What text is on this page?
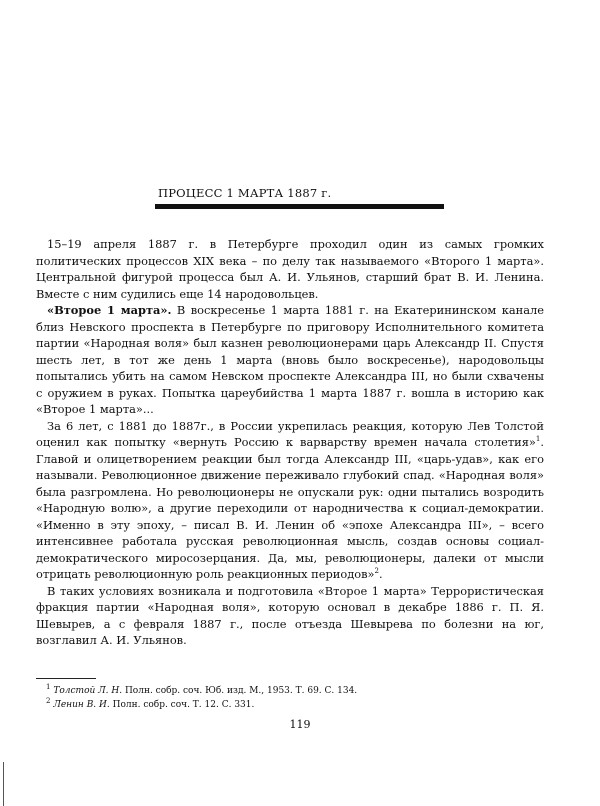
ПРОЦЕСС 1 МАРТА 1887 г.

15–19 апреля 1887 г. в Петербурге проходил один из самых громких политических процессов XIX века – по делу так называемого «Второго 1 марта». Центральной фигурой процесса был А. И. Ульянов, старший брат В. И. Ленина. Вместе с ним судились еще 14 народовольцев.

«Второе 1 марта». В воскресенье 1 марта 1881 г. на Екатерининском канале близ Невского проспекта в Петербурге по приговору Исполнительного комитета партии «Народная воля» был казнен революционерами царь Александр II. Спустя шесть лет, в тот же день 1 марта (вновь было воскресенье), народовольцы попытались убить на самом Невском проспекте Александра III, но были схвачены с оружием в руках. Попытка цареубийства 1 марта 1887 г. вошла в историю как «Второе 1 марта»...

За 6 лет, с 1881 до 1887г., в России укрепилась реакция, которую Лев Толстой оценил как попытку «вернуть Россию к варварству времен начала столетия»$^1$. Главой и олицетворением реакции был тогда Александр III, «царь-удав», как его называли. Революционное движение переживало глубокий спад. «Народная воля» была разгромлена. Но революционеры не опускали рук: одни пытались возродить «Народную волю», а другие переходили от народничества к социал-демократии. «Именно в эту эпоху, – писал В. И. Ленин об «эпохе Александра III», – всего интенсивнее работала русская революционная мысль, создав основы социал-демократического миросозерцания. Да, мы, революционеры, далеки от мысли отрицать революционную роль реакционных периодов»$^2$.

В таких условиях возникала и подготовила «Второе 1 марта» Террористическая фракция партии «Народная воля», которую основал в декабре 1886 г. П. Я. Шевырев, а с февраля 1887 г., после отъезда Шевырева по болезни на юг, возглавил А. И. Ульянов.

$^1$ Толстой Л. Н. Полн. собр. соч. Юб. изд. М., 1953. Т. 69. С. 134.
$^2$ Ленин В. И. Полн. собр. соч. Т. 12. С. 331.
119
